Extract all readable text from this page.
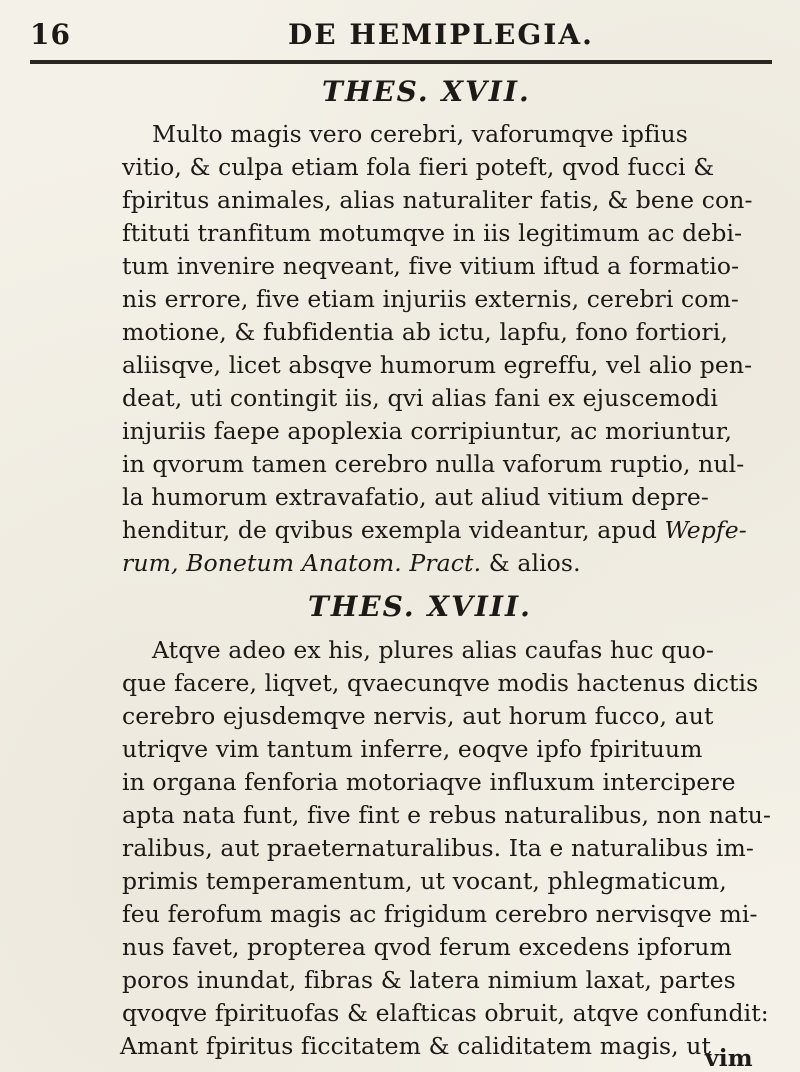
16	DE HEMIPLEGIA.
THES. XVII.
Multo magis vero cerebri, vaforumqve ipfius
vitio, & culpa etiam fola fieri poteft, qvod fucci &
fpiritus animales, alias naturaliter fatis, & bene con-
ftituti tranfitum motumqve in iis legitimum ac debi-
tum invenire neqveant, five vitium iftud a formatio-
nis errore, five etiam injuriis externis, cerebri com-
motione, & fubfidentia ab ictu, lapfu, fono fortiori,
aliisqve, licet absqve humorum egreffu, vel alio pen-
deat, uti contingit iis, qvi alias fani ex ejuscemodi
injuriis faepe apoplexia corripiuntur, ac moriuntur,
in qvorum tamen cerebro nulla vaforum ruptio, nul-
la humorum extravafatio, aut aliud vitium depre-
henditur, de qvibus exempla videantur, apud Wepfe-
rum, Bonetum Anatom. Pract. & alios.
THES. XVIII.
Atqve adeo ex his, plures alias caufas huc quo-
que facere, liqvet, qvaecunqve modis hactenus dictis
cerebro ejusdemqve nervis, aut horum fucco, aut
utriqve vim tantum inferre, eoqve ipfo fpirituum
in organa fenforia motoriaqve influxum intercipere
apta nata funt, five fint e rebus naturalibus, non natu-
ralibus, aut praeternaturalibus. Ita e naturalibus im-
primis temperamentum, ut vocant, phlegmaticum,
feu ferofum magis ac frigidum cerebro nervisqve mi-
nus favet, propterea qvod ferum excedens ipforum
poros inundat, fibras & latera nimium laxat, partes
qvoqve fpirituofas & elafticas obruit, atqve confundit:
Amant fpiritus ficcitatem & caliditatem magis, ut
vim
